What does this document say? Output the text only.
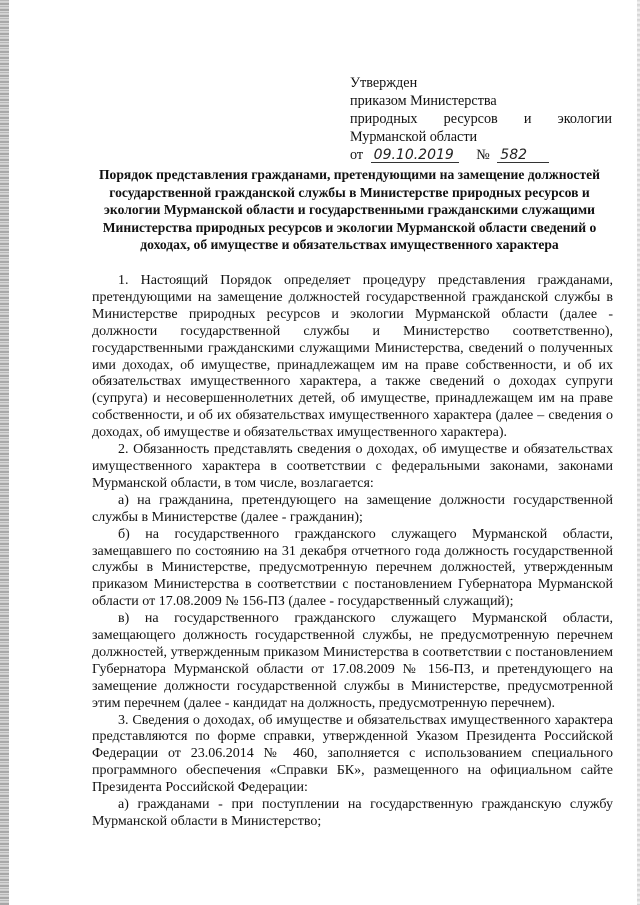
Утвержден
приказом Министерства
природных ресурсов и экологии
Мурманской области
от 09.10.2019 № 582
Порядок представления гражданами, претендующими на замещение должностей государственной гражданской службы в Министерстве природных ресурсов и экологии Мурманской области и государственными гражданскими служащими Министерства природных ресурсов и экологии Мурманской области сведений о доходах, об имуществе и обязательствах имущественного характера

1. Настоящий Порядок определяет процедуру представления гражданами, претендующими на замещение должностей государственной гражданской службы в Министерстве природных ресурсов и экологии Мурманской области (далее - должности государственной службы и Министерство соответственно), государственными гражданскими служащими Министерства, сведений о полученных ими доходах, об имуществе, принадлежащем им на праве собственности, и об их обязательствах имущественного характера, а также сведений о доходах супруги (супруга) и несовершеннолетних детей, об имуществе, принадлежащем им на праве собственности, и об их обязательствах имущественного характера (далее – сведения о доходах, об имуществе и обязательствах имущественного характера).

2. Обязанность представлять сведения о доходах, об имуществе и обязательствах имущественного характера в соответствии с федеральными законами, законами Мурманской области, в том числе, возлагается:

а) на гражданина, претендующего на замещение должности государственной службы в Министерстве (далее - гражданин);

б) на государственного гражданского служащего Мурманской области, замещавшего по состоянию на 31 декабря отчетного года должность государственной службы в Министерстве, предусмотренную перечнем должностей, утвержденным приказом Министерства в соответствии с постановлением Губернатора Мурманской области от 17.08.2009 № 156-ПЗ (далее - государственный служащий);

в) на государственного гражданского служащего Мурманской области, замещающего должность государственной службы, не предусмотренную перечнем должностей, утвержденным приказом Министерства в соответствии с постановлением Губернатора Мурманской области от 17.08.2009 № 156-ПЗ, и претендующего на замещение должности государственной службы в Министерстве, предусмотренной этим перечнем (далее - кандидат на должность, предусмотренную перечнем).

3. Сведения о доходах, об имуществе и обязательствах имущественного характера представляются по форме справки, утвержденной Указом Президента Российской Федерации от 23.06.2014 № 460, заполняется с использованием специального программного обеспечения «Справки БК», размещенного на официальном сайте Президента Российской Федерации:

а) гражданами - при поступлении на государственную гражданскую службу Мурманской области в Министерство;
